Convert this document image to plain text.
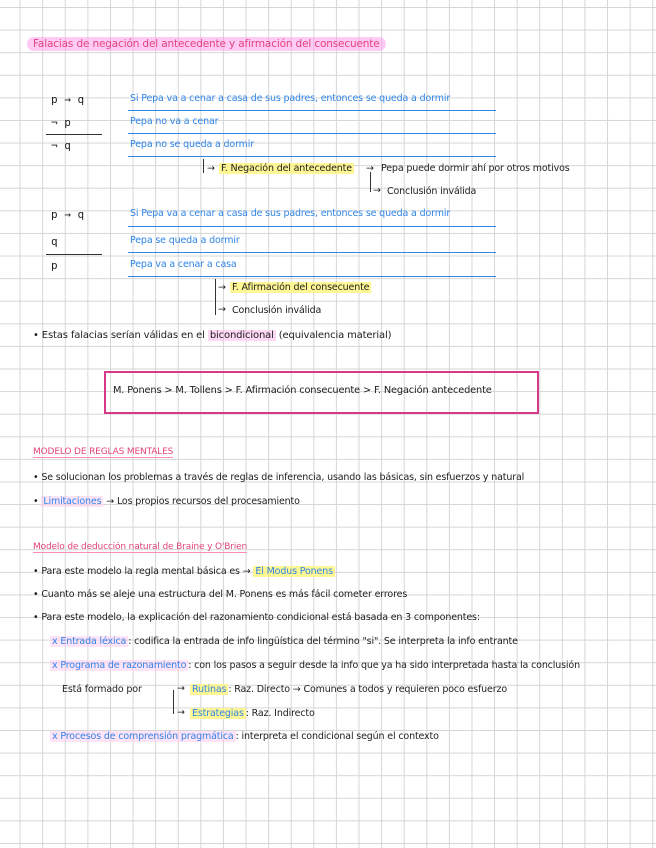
Falacias de negación del antecedente y afirmación del consecuente
p → q	Si Pepa va a cenar a casa de sus padres, entonces se queda a dormir
¬ p	Pepa no va a cenar
¬ q	Pepa no se queda a dormir
→ F. Negación del antecedente → Pepa puede dormir ahí por otros motivos
→ Conclusión inválida
p → q	Si Pepa va a cenar a casa de sus padres, entonces se queda a dormir
q	Pepa se queda a dormir
p	Pepa va a cenar a casa
→ F. Afirmación del consecuente
→ Conclusión inválida
• Estas falacias serían válidas en el bicondicional (equivalencia material)
M. Ponens > M. Tollens > F. Afirmación consecuente > F. Negación antecedente
MODELO DE REGLAS MENTALES
• Se solucionan los problemas a través de reglas de inferencia, usando las básicas, sin esfuerzos y natural
• Limitaciones → Los propios recursos del procesamiento
Modelo de deducción natural de Braine y O'Brien
• Para este modelo la regla mental básica es → El Modus Ponens
• Cuanto más se aleje una estructura del M. Ponens es más fácil cometer errores
• Para este modelo, la explicación del razonamiento condicional está basada en 3 componentes:
x Entrada léxica : codifica la entrada de info lingüística del término "si". Se interpreta la info entrante
x Programa de razonamiento : con los pasos a seguir desde la info que ya ha sido interpretada hasta la conclusión
Está formado por	→ Rutinas : Raz. Directo → Comunes a todos y requieren poco esfuerzo
→ Estrategias : Raz. Indirecto
x Procesos de comprensión pragmática : interpreta el condicional según el contexto
